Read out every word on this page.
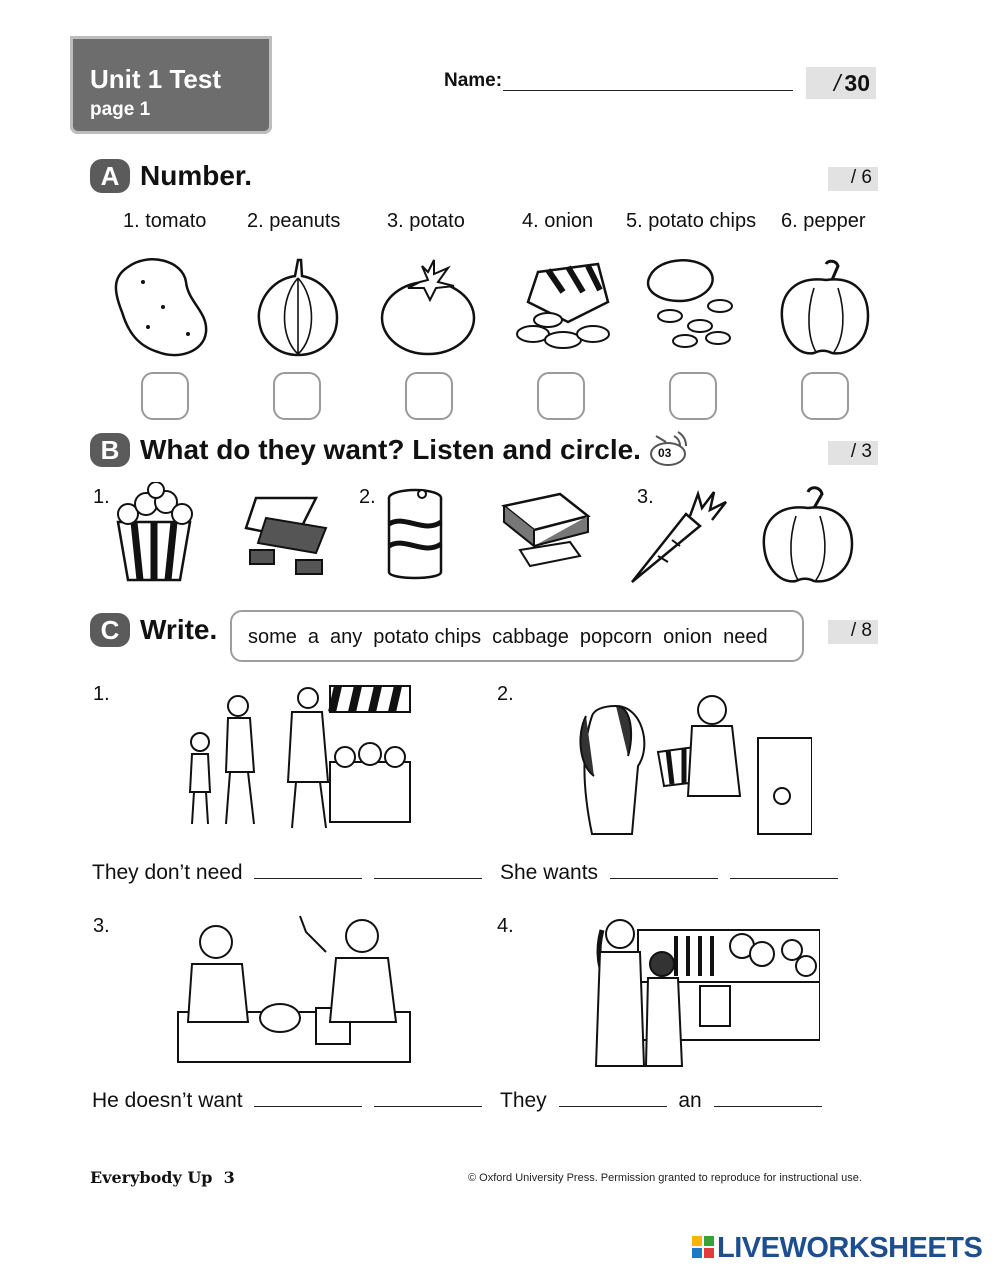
Unit 1 Test
page 1
Name:	/ 30
A Number.	/ 6
1. tomato 2. peanuts 3. potato	4. onion 5. potato chips 6. pepper
B What do they want? Listen and circle. 03	/ 3
1.	2.	3.
C Write.	some a any potato chips cabbage popcorn onion need	/ 8
1.
They don’t need
2.
She wants
3.
He doesn’t want
4.
They	an
Everybody Up  3	© Oxford University Press. Permission granted to reproduce for instructional use.
LIVEWORKSHEETS
